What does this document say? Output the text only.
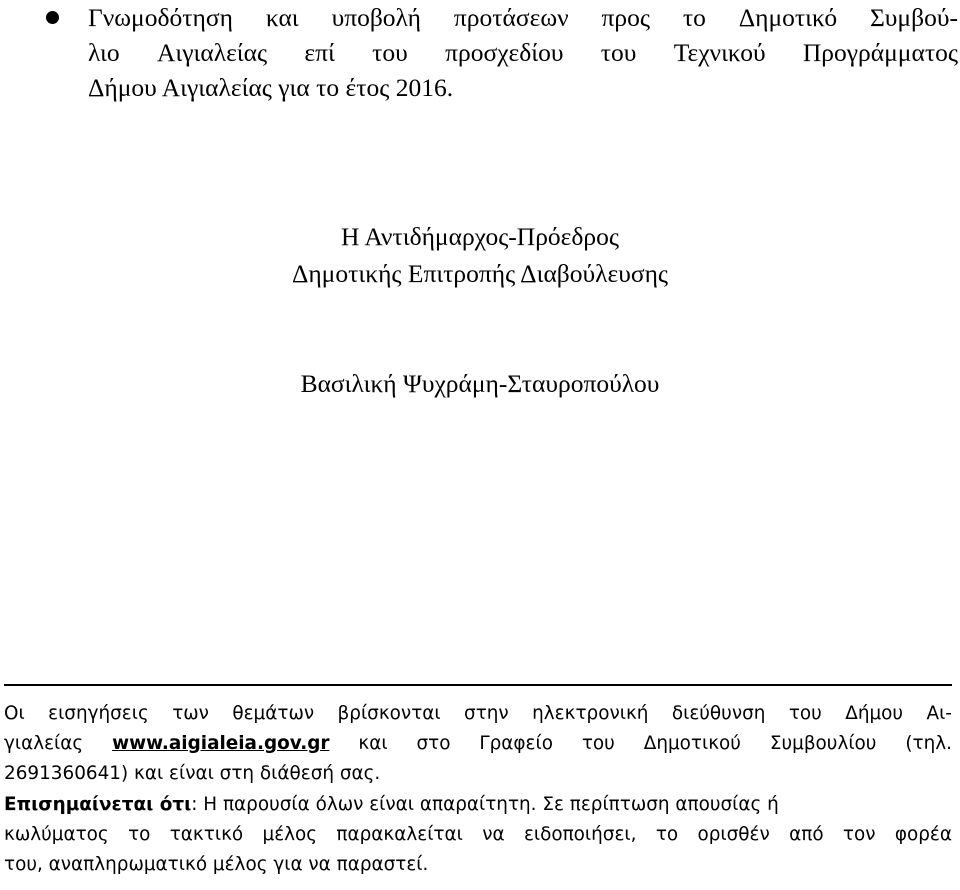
Γνωμοδότηση και υποβολή προτάσεων προς το Δημοτικό Συμβού-
λιο Αιγιαλείας επί του προσχεδίου του Τεχνικού Προγράμματος
Δήμου Αιγιαλείας για το έτος 2016.
Η Αντιδήμαρχος-Πρόεδρος
Δημοτικής Επιτροπής Διαβούλευσης
Βασιλική Ψυχράμη-Σταυροπούλου
Οι εισηγήσεις των θεμάτων βρίσκονται στην ηλεκτρονική διεύθυνση του Δήμου Αι-
γιαλείας www.aigialeia.gov.gr και στο Γραφείο του Δημοτικού Συμβουλίου (τηλ.
2691360641) και είναι στη διάθεσή σας.
Επισημαίνεται ότι: Η παρουσία όλων είναι απαραίτητη. Σε περίπτωση απουσίας ή
κωλύματος το τακτικό μέλος παρακαλείται να ειδοποιήσει, το ορισθέν από τον φορέα
του, αναπληρωματικό μέλος για να παραστεί.
